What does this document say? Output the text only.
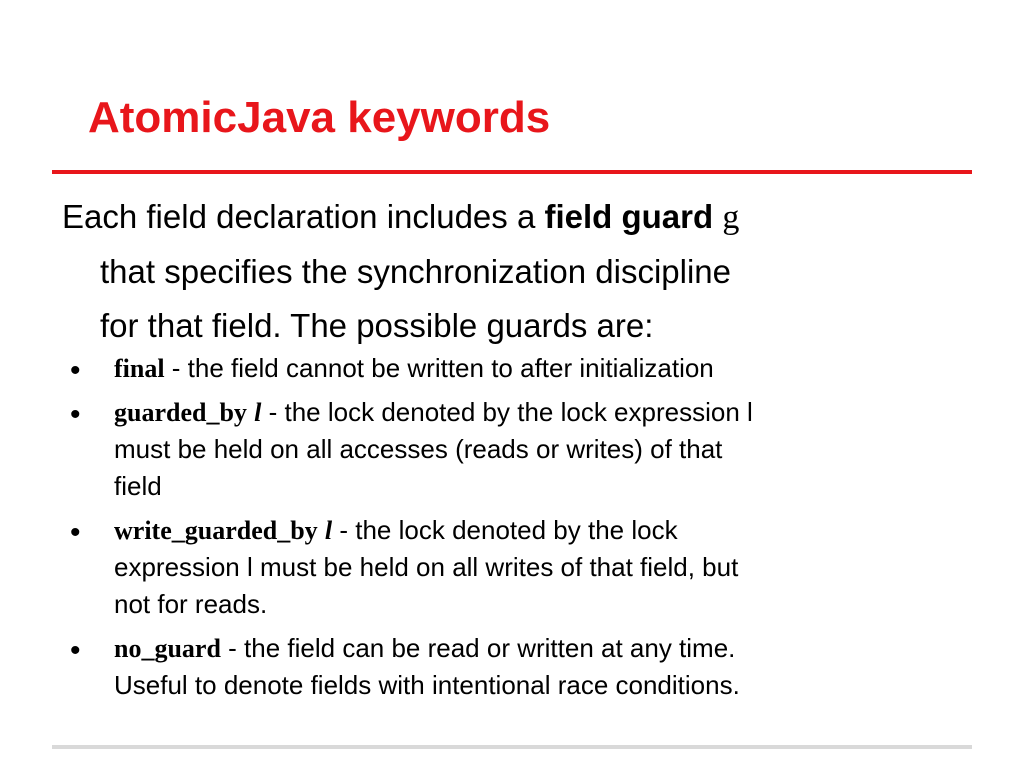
AtomicJava keywords
Each field declaration includes a field guard g
that specifies the synchronization discipline
for that field. The possible guards are:
• final - the field cannot be written to after initialization
• guarded_by l - the lock denoted by the lock expression l
must be held on all accesses (reads or writes) of that
field
• write_guarded_by l - the lock denoted by the lock
expression l must be held on all writes of that field, but
not for reads.
• no_guard - the field can be read or written at any time.
Useful to denote fields with intentional race conditions.
